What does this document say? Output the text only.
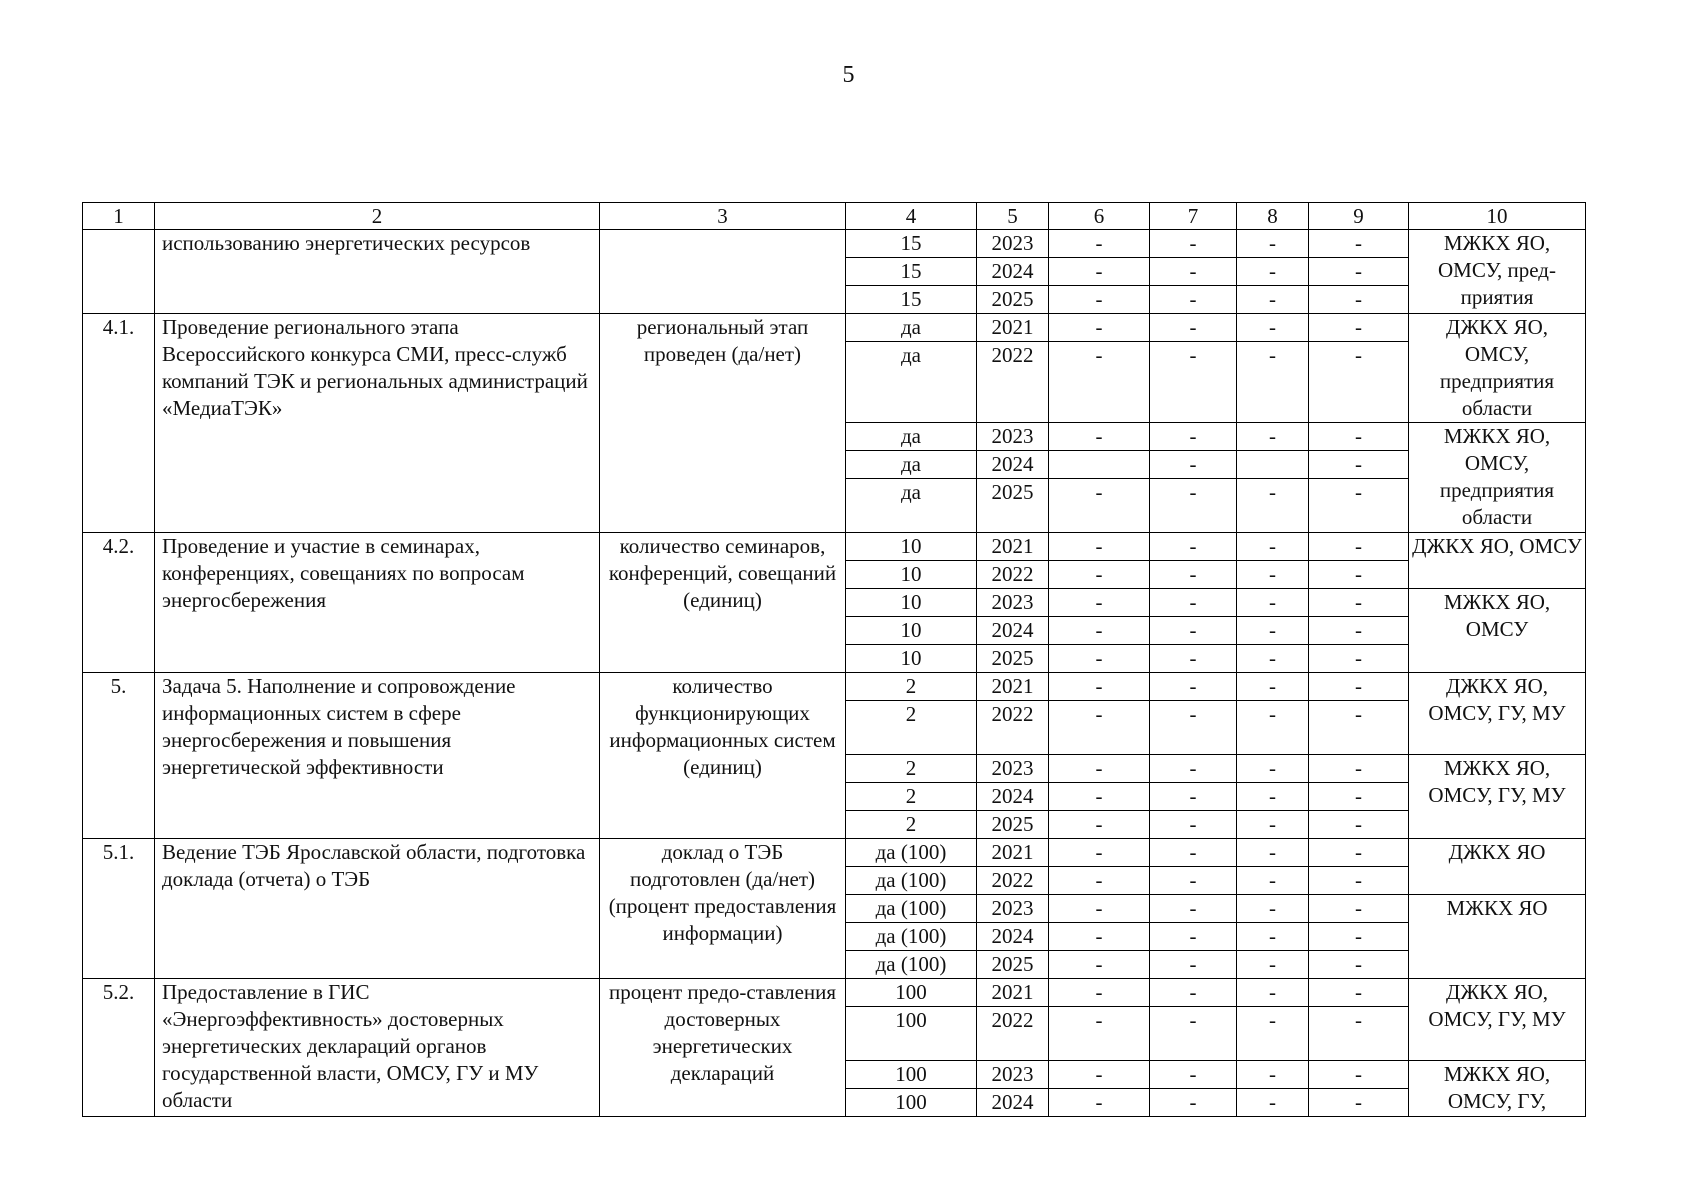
5
1	2	3	4	5	6	7	8	9	10
	использованию энергетических ресурсов		15	2023	-	-	-	-	МЖКХ ЯО, ОМСУ, пред-приятия
			15	2024	-	-	-	-	
			15	2025	-	-	-	-	
4.1.	Проведение регионального этапа Всероссийского конкурса СМИ, пресс-служб компаний ТЭК и региональных администраций «МедиаТЭК»	региональный этап проведен (да/нет)	да	2021	-	-	-	-	ДЖКХ ЯО, ОМСУ, предприятия области
			да	2022	-	-	-	-	
			да	2023	-	-	-	-	МЖКХ ЯО, ОМСУ, предприятия области
			да	2024		-		-	
			да	2025	-	-	-	-	
4.2.	Проведение и участие в семинарах, конференциях, совещаниях по вопросам энергосбережения	количество семинаров, конференций, совещаний (единиц)	10	2021	-	-	-	-	ДЖКХ ЯО, ОМСУ
			10	2022	-	-	-	-	
			10	2023	-	-	-	-	МЖКХ ЯО, ОМСУ
			10	2024	-	-	-	-	
			10	2025	-	-	-	-	
5.	Задача 5. Наполнение и сопровождение информационных систем в сфере энергосбережения и повышения энергетической эффективности	количество функционирующих информационных систем (единиц)	2	2021	-	-	-	-	ДЖКХ ЯО, ОМСУ, ГУ, МУ
			2	2022	-	-	-	-	
			2	2023	-	-	-	-	МЖКХ ЯО, ОМСУ, ГУ, МУ
			2	2024	-	-	-	-	
			2	2025	-	-	-	-	
5.1.	Ведение ТЭБ Ярославской области, подготовка доклада (отчета) о ТЭБ	доклад о ТЭБ подготовлен (да/нет) (процент предоставления информации)	да (100)	2021	-	-	-	-	ДЖКХ ЯО
			да (100)	2022	-	-	-	-	
			да (100)	2023	-	-	-	-	МЖКХ ЯО
			да (100)	2024	-	-	-	-	
			да (100)	2025	-	-	-	-	
5.2.	Предоставление в ГИС «Энергоэффективность» достоверных энергетических деклараций органов государственной власти, ОМСУ, ГУ и МУ области	процент предо-ставления достоверных энергетических деклараций	100	2021	-	-	-	-	ДЖКХ ЯО, ОМСУ, ГУ, МУ
			100	2022	-	-	-	-	
			100	2023	-	-	-	-	МЖКХ ЯО, ОМСУ, ГУ,
			100	2024	-	-	-	-	
